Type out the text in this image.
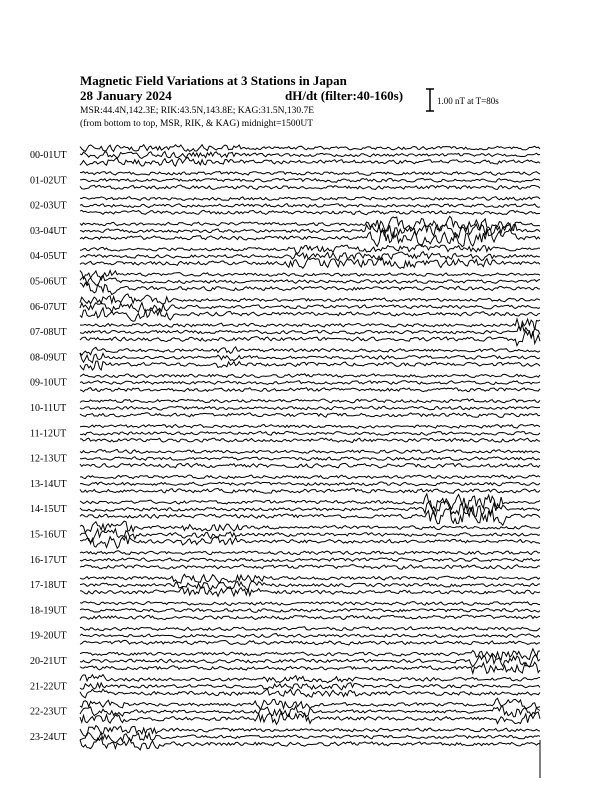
Magnetic Field Variations at 3 Stations in Japan
28 January 2024	dH/dt (filter:40-160s)
MSR:44.4N,142.3E; RIK:43.5N,143.8E; KAG:31.5N,130.7E
(from bottom to top, MSR, RIK, & KAG) midnight=1500UT
1.00 nT at T=80s
00-01UT
01-02UT
02-03UT
03-04UT
04-05UT
05-06UT
06-07UT
07-08UT
08-09UT
09-10UT
10-11UT
11-12UT
12-13UT
13-14UT
14-15UT
15-16UT
16-17UT
17-18UT
18-19UT
19-20UT
20-21UT
21-22UT
22-23UT
23-24UT
